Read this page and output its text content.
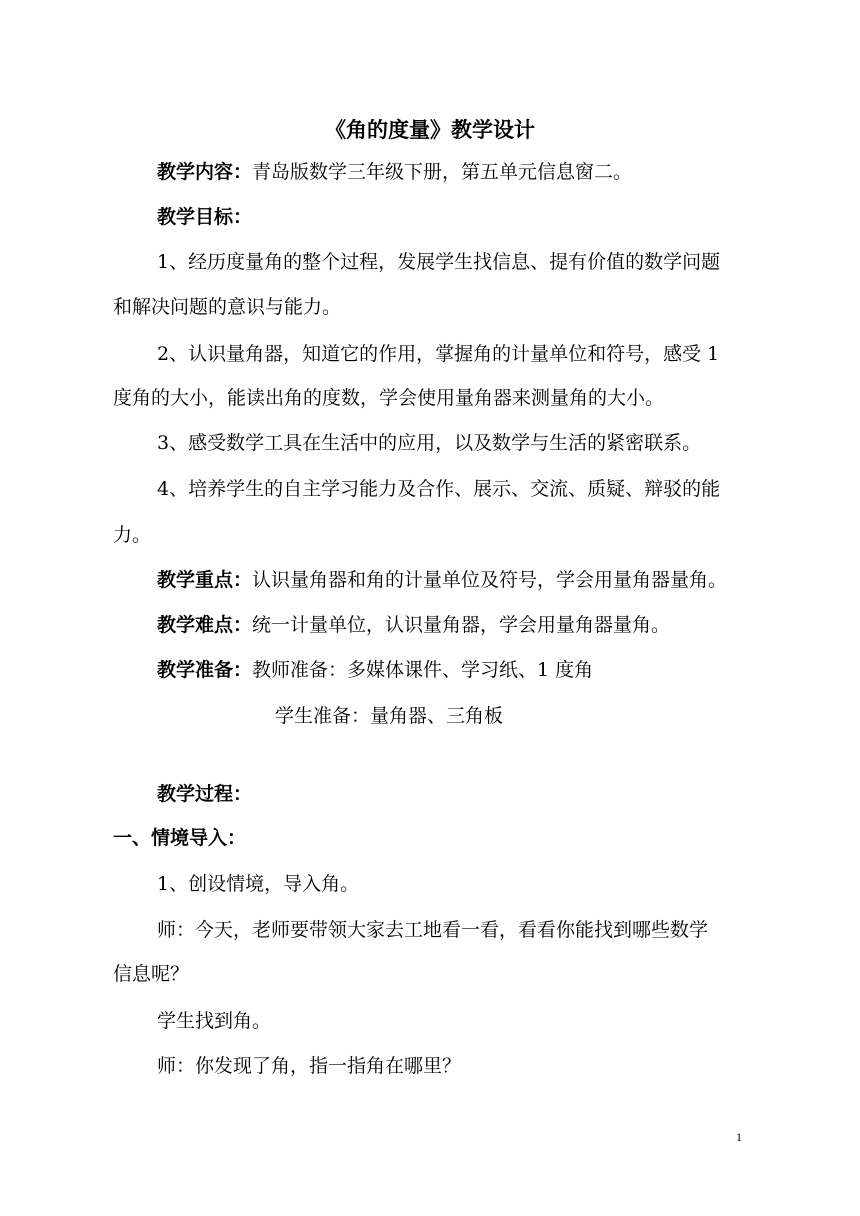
《角的度量》教学设计
教学内容：青岛版数学三年级下册，第五单元信息窗二。
教学目标：
1、经历度量角的整个过程，发展学生找信息、提有价值的数学问题
和解决问题的意识与能力。
2、认识量角器，知道它的作用，掌握角的计量单位和符号，感受 1
度角的大小，能读出角的度数，学会使用量角器来测量角的大小。
3、感受数学工具在生活中的应用，以及数学与生活的紧密联系。
4、培养学生的自主学习能力及合作、展示、交流、质疑、辩驳的能
力。
教学重点：认识量角器和角的计量单位及符号，学会用量角器量角。
教学难点：统一计量单位，认识量角器，学会用量角器量角。
教学准备：教师准备：多媒体课件、学习纸、1 度角
学生准备：量角器、三角板
教学过程：
一、情境导入：
1、创设情境，导入角。
师：今天，老师要带领大家去工地看一看，看看你能找到哪些数学
信息呢？
学生找到角。
师：你发现了角，指一指角在哪里？
1
